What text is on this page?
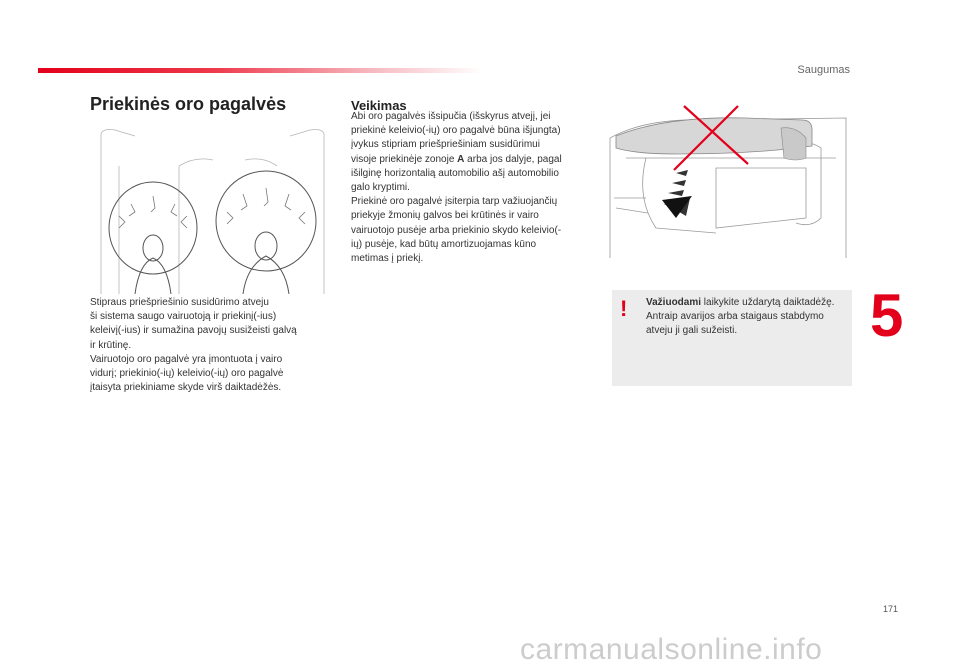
Saugumas
Priekinės oro pagalvės
Stipraus priešpriešinio susidūrimo atveju
ši sistema saugo vairuotoją ir priekinį(-ius)
keleivį(-ius) ir sumažina pavojų susižeisti galvą
ir krūtinę.
Vairuotojo oro pagalvė yra įmontuota į vairo
vidurį; priekinio(-ių) keleivio(-ių) oro pagalvė
įtaisyta priekiniame skyde virš daiktadėžės.
Veikimas
Abi oro pagalvės išsipučia (išskyrus atvejį, jei
priekinė keleivio(-ių) oro pagalvė būna išjungta)
įvykus stipriam priešpriešiniam susidūrimui
visoje priekinėje zonoje A arba jos dalyje, pagal
išilginę horizontalią automobilio ašį automobilio
galo kryptimi.
Priekinė oro pagalvė įsiterpia tarp važiuojančių
priekyje žmonių galvos bei krūtinės ir vairo
vairuotojo pusėje arba priekinio skydo keleivio(-
ių) pusėje, kad būtų amortizuojamas kūno
metimas į priekį.
! Važiuodami laikykite uždarytą daiktadėžę. Antraip avarijos arba staigaus stabdymo atveju ji gali sužeisti.	5
171
carmanualsonline.info
